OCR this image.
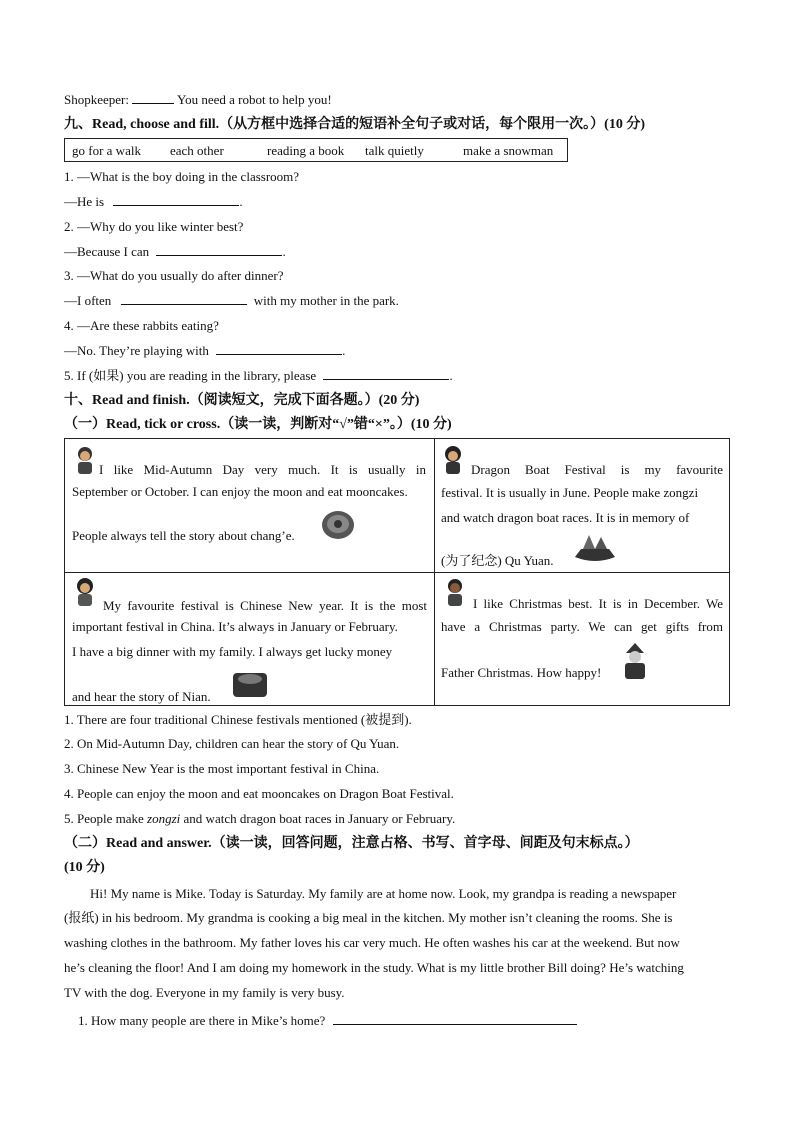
Shopkeeper:	You need a robot to help you!
九、Read, choose and fill.（从方框中选择合适的短语补全句子或对话，每个限用一次。）(10 分)
go for a walk each other	reading a book talk quietly	make a snowman
1. —What is the boy doing in the classroom?
—He is	.
2. —Why do you like winter best?
—Because I can	.
3. —What do you usually do after dinner?
—I often	with my mother in the park.
4. —Are these rabbits eating?
—No. They’re playing with	.
5. If (如果) you are reading in the library, please	.
十、Read and finish.（阅读短文，完成下面各题。）(20 分)
（一）Read, tick or cross.（读一读，判断对“√”错“×”。）(10 分)
I like Mid-Autumn Day very much. It is usually in
September or October. I can enjoy the moon and eat mooncakes.
People always tell the story about chang’e.
Dragon Boat Festival is my favourite
festival. It is usually in June. People make zongzi
and watch dragon boat races. It is in memory of
(为了纪念) Qu Yuan.
My favourite festival is Chinese New year. It is the most
important festival in China. It’s always in January or February.
I have a big dinner with my family. I always get lucky money
and hear the story of Nian.
I like Christmas best. It is in December. We
have a Christmas party. We can get gifts from
Father Christmas. How happy!
1. There are four traditional Chinese festivals mentioned (被提到).
2. On Mid-Autumn Day, children can hear the story of Qu Yuan.
3. Chinese New Year is the most important festival in China.
4. People can enjoy the moon and eat mooncakes on Dragon Boat Festival.
5. People make zongzi and watch dragon boat races in January or February.
（二）Read and answer.（读一读，回答问题，注意占格、书写、首字母、间距及句末标点。）
(10 分)
Hi! My name is Mike. Today is Saturday. My family are at home now. Look, my grandpa is reading a newspaper
(报纸) in his bedroom. My grandma is cooking a big meal in the kitchen. My mother isn’t cleaning the rooms. She is
washing clothes in the bathroom. My father loves his car very much. He often washes his car at the weekend. But now
he’s cleaning the floor! And I am doing my homework in the study. What is my little brother Bill doing? He’s watching
TV with the dog. Everyone in my family is very busy.
1. How many people are there in Mike’s home?
